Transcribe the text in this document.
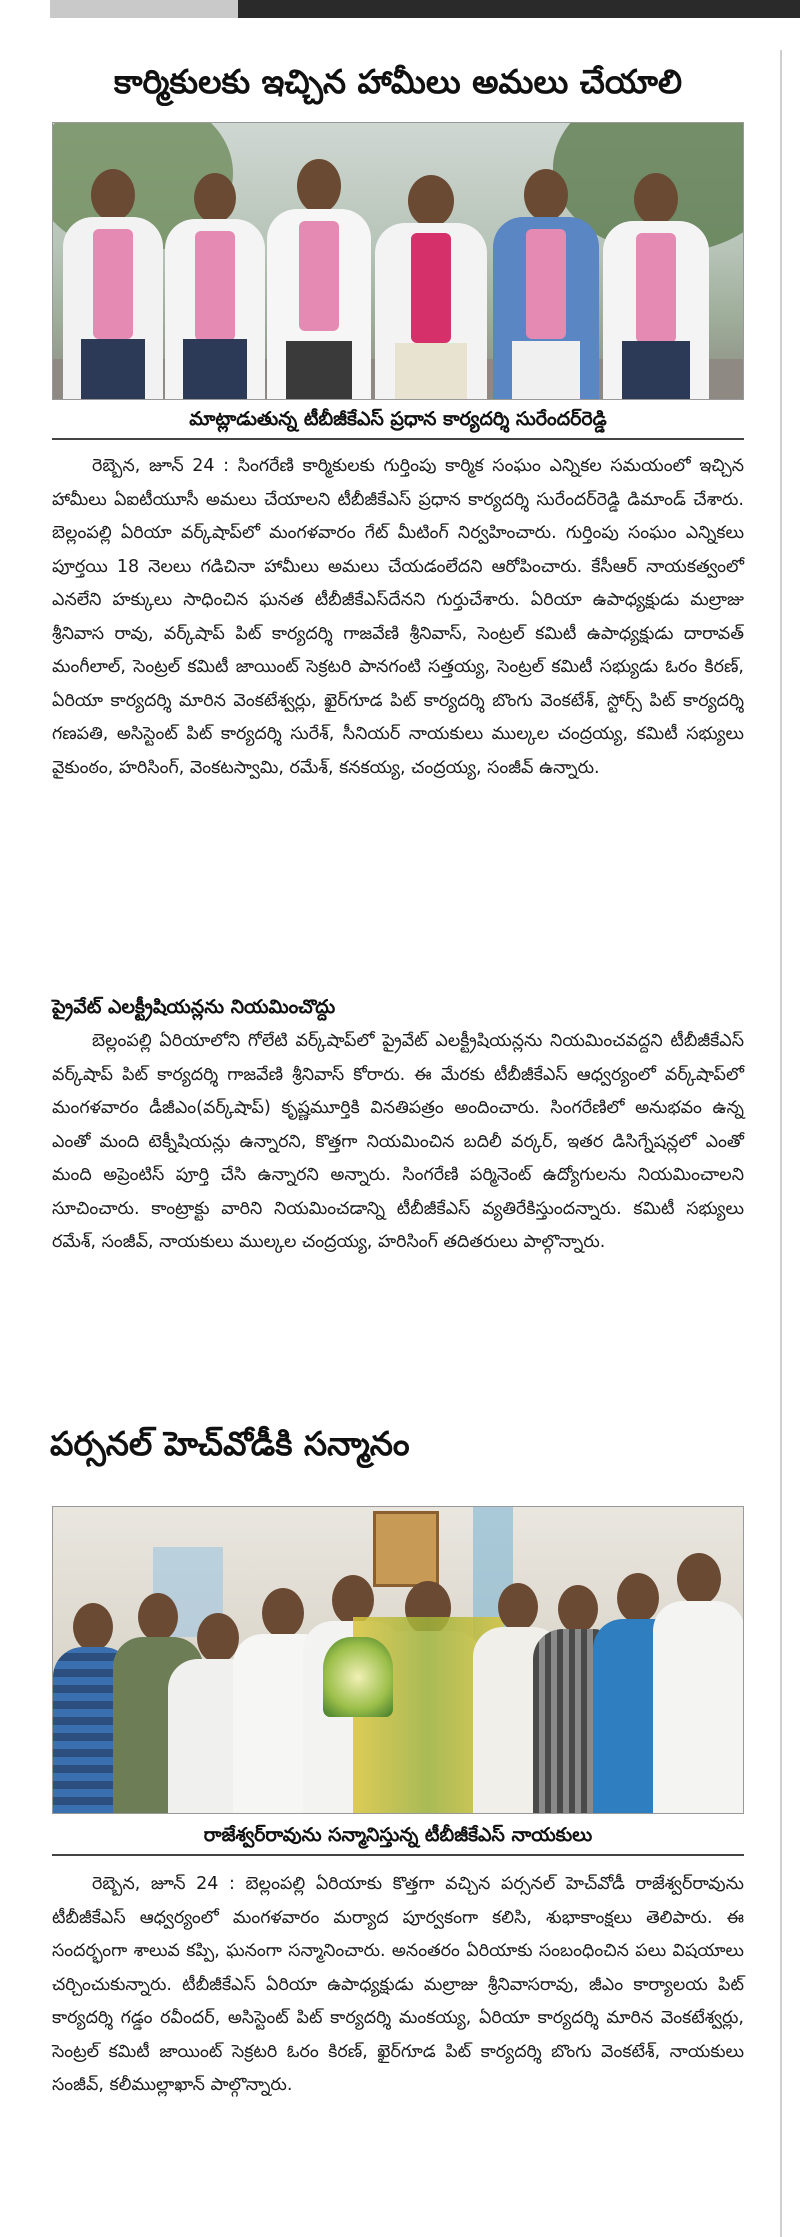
కార్మికులకు ఇచ్చిన హామీలు అమలు చేయాలి
మాట్లాడుతున్న టీబీజీకేఎస్ ప్రధాన కార్యదర్శి సురేందర్‌రెడ్డి

రెబ్బెన, జూన్ 24 : సింగరేణి కార్మికులకు గుర్తింపు కార్మిక సంఘం ఎన్నికల సమయంలో ఇచ్చిన హామీలు ఏఐటీయూసీ అమలు చేయాలని టీబీజీకేఎస్ ప్రధాన కార్యదర్శి సురేందర్‌రెడ్డి డిమాండ్ చేశారు. బెల్లంపల్లి ఏరియా వర్క్‌షాప్‌లో మంగళవారం గేట్ మీటింగ్ నిర్వహించారు. గుర్తింపు సంఘం ఎన్నికలు పూర్తయి 18 నెలలు గడిచినా హామీలు అమలు చేయడంలేదని ఆరోపించారు. కేసీఆర్ నాయకత్వంలో ఎనలేని హక్కులు సాధించిన ఘనత టీబీజీకేఎస్‌దేనని గుర్తుచేశారు. ఏరియా ఉపాధ్యక్షుడు మల్రాజు శ్రీనివాస రావు, వర్క్‌షాప్ పిట్ కార్యదర్శి గాజవేణి శ్రీనివాస్, సెంట్రల్ కమిటీ ఉపాధ్యక్షుడు దారావత్ మంగీలాల్, సెంట్రల్ కమిటీ జాయింట్ సెక్రటరి పానగంటి సత్తయ్య, సెంట్రల్ కమిటీ సభ్యుడు ఓరం కిరణ్, ఏరియా కార్యదర్శి మారిన వెంకటేశ్వర్లు, ఖైర్‌గూడ పిట్ కార్యదర్శి బొంగు వెంకటేశ్, స్టోర్స్ పిట్ కార్యదర్శి గణపతి, అసిస్టెంట్ పిట్ కార్యదర్శి సురేశ్, సీనియర్ నాయకులు ముల్కల చంద్రయ్య, కమిటీ సభ్యులు వైకుంఠం, హరిసింగ్, వెంకటస్వామి, రమేశ్, కనకయ్య, చంద్రయ్య, సంజీవ్ ఉన్నారు.

ప్రైవేట్ ఎలక్ట్రీషియన్లను నియమించొద్దు

బెల్లంపల్లి ఏరియాలోని గోలేటి వర్క్‌షాప్‌లో ప్రైవేట్ ఎలక్ట్రీషియన్లను నియమించవద్దని టీబీజీకేఎస్ వర్క్‌షాప్ పిట్ కార్యదర్శి గాజవేణి శ్రీనివాస్ కోరారు. ఈ మేరకు టీబీజీకేఎస్ ఆధ్వర్యంలో వర్క్‌షాప్‌లో మంగళవారం డీజీఎం(వర్క్‌షాప్) కృష్ణమూర్తికి వినతిపత్రం అందించారు. సింగరేణిలో అనుభవం ఉన్న ఎంతో మంది టెక్నీషియన్లు ఉన్నారని, కొత్తగా నియమించిన బదిలీ వర్కర్, ఇతర డిసిగ్నేషన్లలో ఎంతో మంది అప్రెంటిస్ పూర్తి చేసి ఉన్నారని అన్నారు. సింగరేణి పర్మినెంట్ ఉద్యోగులను నియమించాలని సూచించారు. కాంట్రాక్టు వారిని నియమించడాన్ని టీబీజీకేఎస్ వ్యతిరేకిస్తుందన్నారు. కమిటీ సభ్యులు రమేశ్, సంజీవ్, నాయకులు ముల్కల చంద్రయ్య, హరిసింగ్ తదితరులు పాల్గొన్నారు.

పర్సనల్ హెచ్‌వోడీకి సన్మానం
రాజేశ్వర్‌రావును సన్మానిస్తున్న టీబీజీకేఎస్ నాయకులు

రెబ్బెన, జూన్ 24 : బెల్లంపల్లి ఏరియాకు కొత్తగా వచ్చిన పర్సనల్ హెచ్‌వోడీ రాజేశ్వర్‌రావును టీబీజీకేఎస్ ఆధ్వర్యంలో మంగళవారం మర్యాద పూర్వకంగా కలిసి, శుభాకాంక్షలు తెలిపారు. ఈ సందర్భంగా శాలువ కప్పి, ఘనంగా సన్మానించారు. అనంతరం ఏరియాకు సంబంధించిన పలు విషయాలు చర్చించుకున్నారు. టీబీజీకేఎస్ ఏరియా ఉపాధ్యక్షుడు మల్రాజు శ్రీనివాసరావు, జీఎం కార్యాలయ పిట్ కార్యదర్శి గడ్డం రవీందర్, అసిస్టెంట్ పిట్ కార్యదర్శి మంకయ్య, ఏరియా కార్యదర్శి మారిన వెంకటేశ్వర్లు, సెంట్రల్ కమిటీ జాయింట్ సెక్రటరి ఓరం కిరణ్, ఖైర్‌గూడ పిట్ కార్యదర్శి బొంగు వెంకటేశ్, నాయకులు సంజీవ్, కలీముల్లాఖాన్ పాల్గొన్నారు.
